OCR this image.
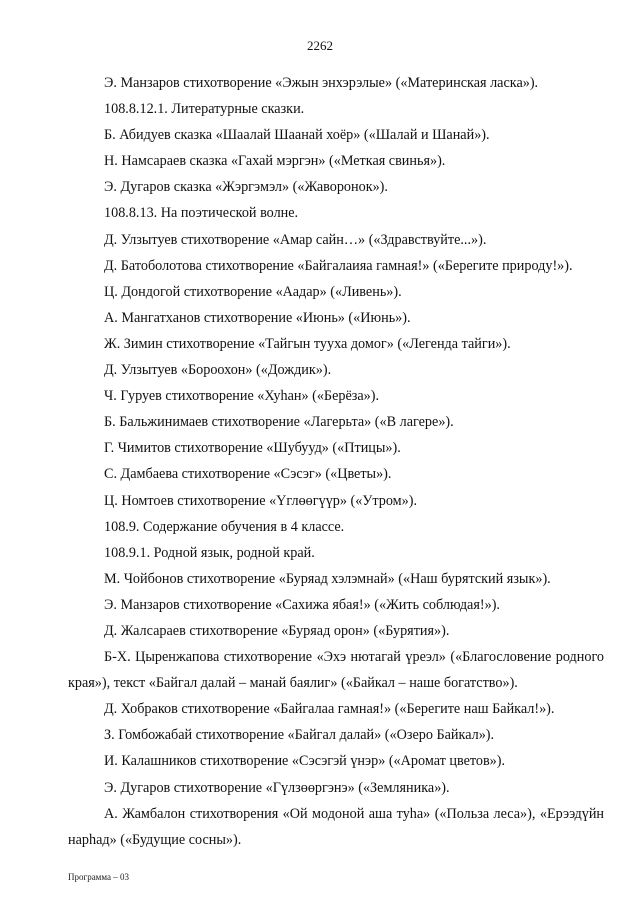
2262

Э. Манзаров стихотворение «Эжын энхэрэлые» («Материнская ласка»).

108.8.12.1. Литературные сказки.

Б. Абидуев сказка «Шаалай Шаанай хоёр» («Шалай и Шанай»).

Н. Намсараев сказка «Гахай мэргэн» («Меткая свинья»).

Э. Дугаров сказка «Жэргэмэл» («Жаворонок»).

108.8.13. На поэтической волне.

Д. Улзытуев стихотворение «Амар сайн…» («Здравствуйте...»).

Д. Батоболотова стихотворение «Байгалаияа гамная!» («Берегите природу!»).

Ц. Дондогой стихотворение «Аадар» («Ливень»).

А. Мангатханов стихотворение «Июнь» («Июнь»).

Ж. Зимин стихотворение «Тайгын тууха домог» («Легенда тайги»).

Д. Улзытуев «Бороохон» («Дождик»).

Ч. Гуруев стихотворение «Хуһан» («Берёза»).

Б. Бальжинимаев стихотворение «Лагерьта» («В лагере»).

Г. Чимитов стихотворение «Шубууд» («Птицы»).

С. Дамбаева стихотворение «Сэсэг» («Цветы»).

Ц. Номтоев стихотворение «Үглөөгүүр» («Утром»).

108.9. Содержание обучения в 4 классе.

108.9.1. Родной язык, родной край.

М. Чойбонов стихотворение «Буряад хэлэмнай» («Наш бурятский язык»).

Э. Манзаров стихотворение «Сахижа ябая!» («Жить соблюдая!»).

Д. Жалсараев стихотворение «Буряад орон» («Бурятия»).

Б-Х. Цыренжапова стихотворение «Эхэ нютагай үреэл» («Благословение родного края»), текст «Байгал далай – манай баялиг» («Байкал – наше богатство»).

Д. Хобраков стихотворение «Байгалаа гамная!» («Берегите наш Байкал!»).

З. Гомбожабай стихотворение «Байгал далай» («Озеро Байкал»).

И. Калашников стихотворение «Сэсэгэй үнэр» («Аромат цветов»).

Э. Дугаров стихотворение «Гүлзөөргэнэ» («Земляника»).

А. Жамбалон стихотворения «Ой модоной аша туһа» («Польза леса»), «Ерээдүйн нарһад» («Будущие сосны»).

Программа – 03
